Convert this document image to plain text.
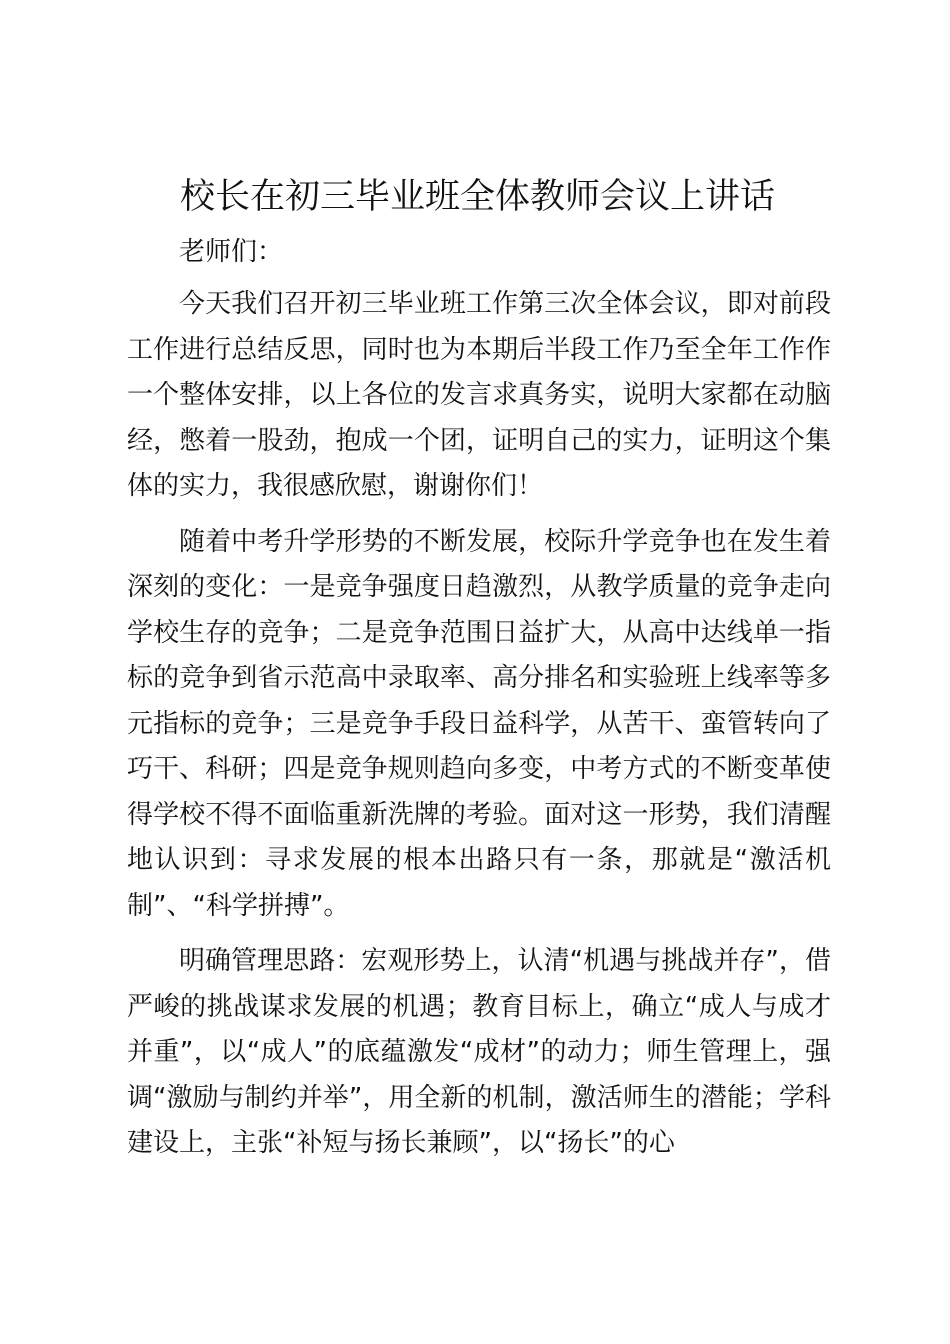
校长在初三毕业班全体教师会议上讲话

老师们：

今天我们召开初三毕业班工作第三次全体会议，即对前段工作进行总结反思，同时也为本期后半段工作乃至全年工作作一个整体安排，以上各位的发言求真务实，说明大家都在动脑经，憋着一股劲，抱成一个团，证明自己的实力，证明这个集体的实力，我很感欣慰，谢谢你们！

随着中考升学形势的不断发展，校际升学竞争也在发生着深刻的变化：一是竞争强度日趋激烈，从教学质量的竞争走向学校生存的竞争；二是竞争范围日益扩大，从高中达线单一指标的竞争到省示范高中录取率、高分排名和实验班上线率等多元指标的竞争；三是竞争手段日益科学，从苦干、蛮管转向了巧干、科研；四是竞争规则趋向多变，中考方式的不断变革使得学校不得不面临重新洗牌的考验。面对这一形势，我们清醒地认识到：寻求发展的根本出路只有一条，那就是“激活机制”、“科学拼搏”。

明确管理思路：宏观形势上，认清“机遇与挑战并存”，借严峻的挑战谋求发展的机遇；教育目标上，确立“成人与成才并重”，以“成人”的底蕴激发“成材”的动力；师生管理上，强调“激励与制约并举”，用全新的机制，激活师生的潜能；学科建设上，主张“补短与扬长兼顾”，以“扬长”的心
